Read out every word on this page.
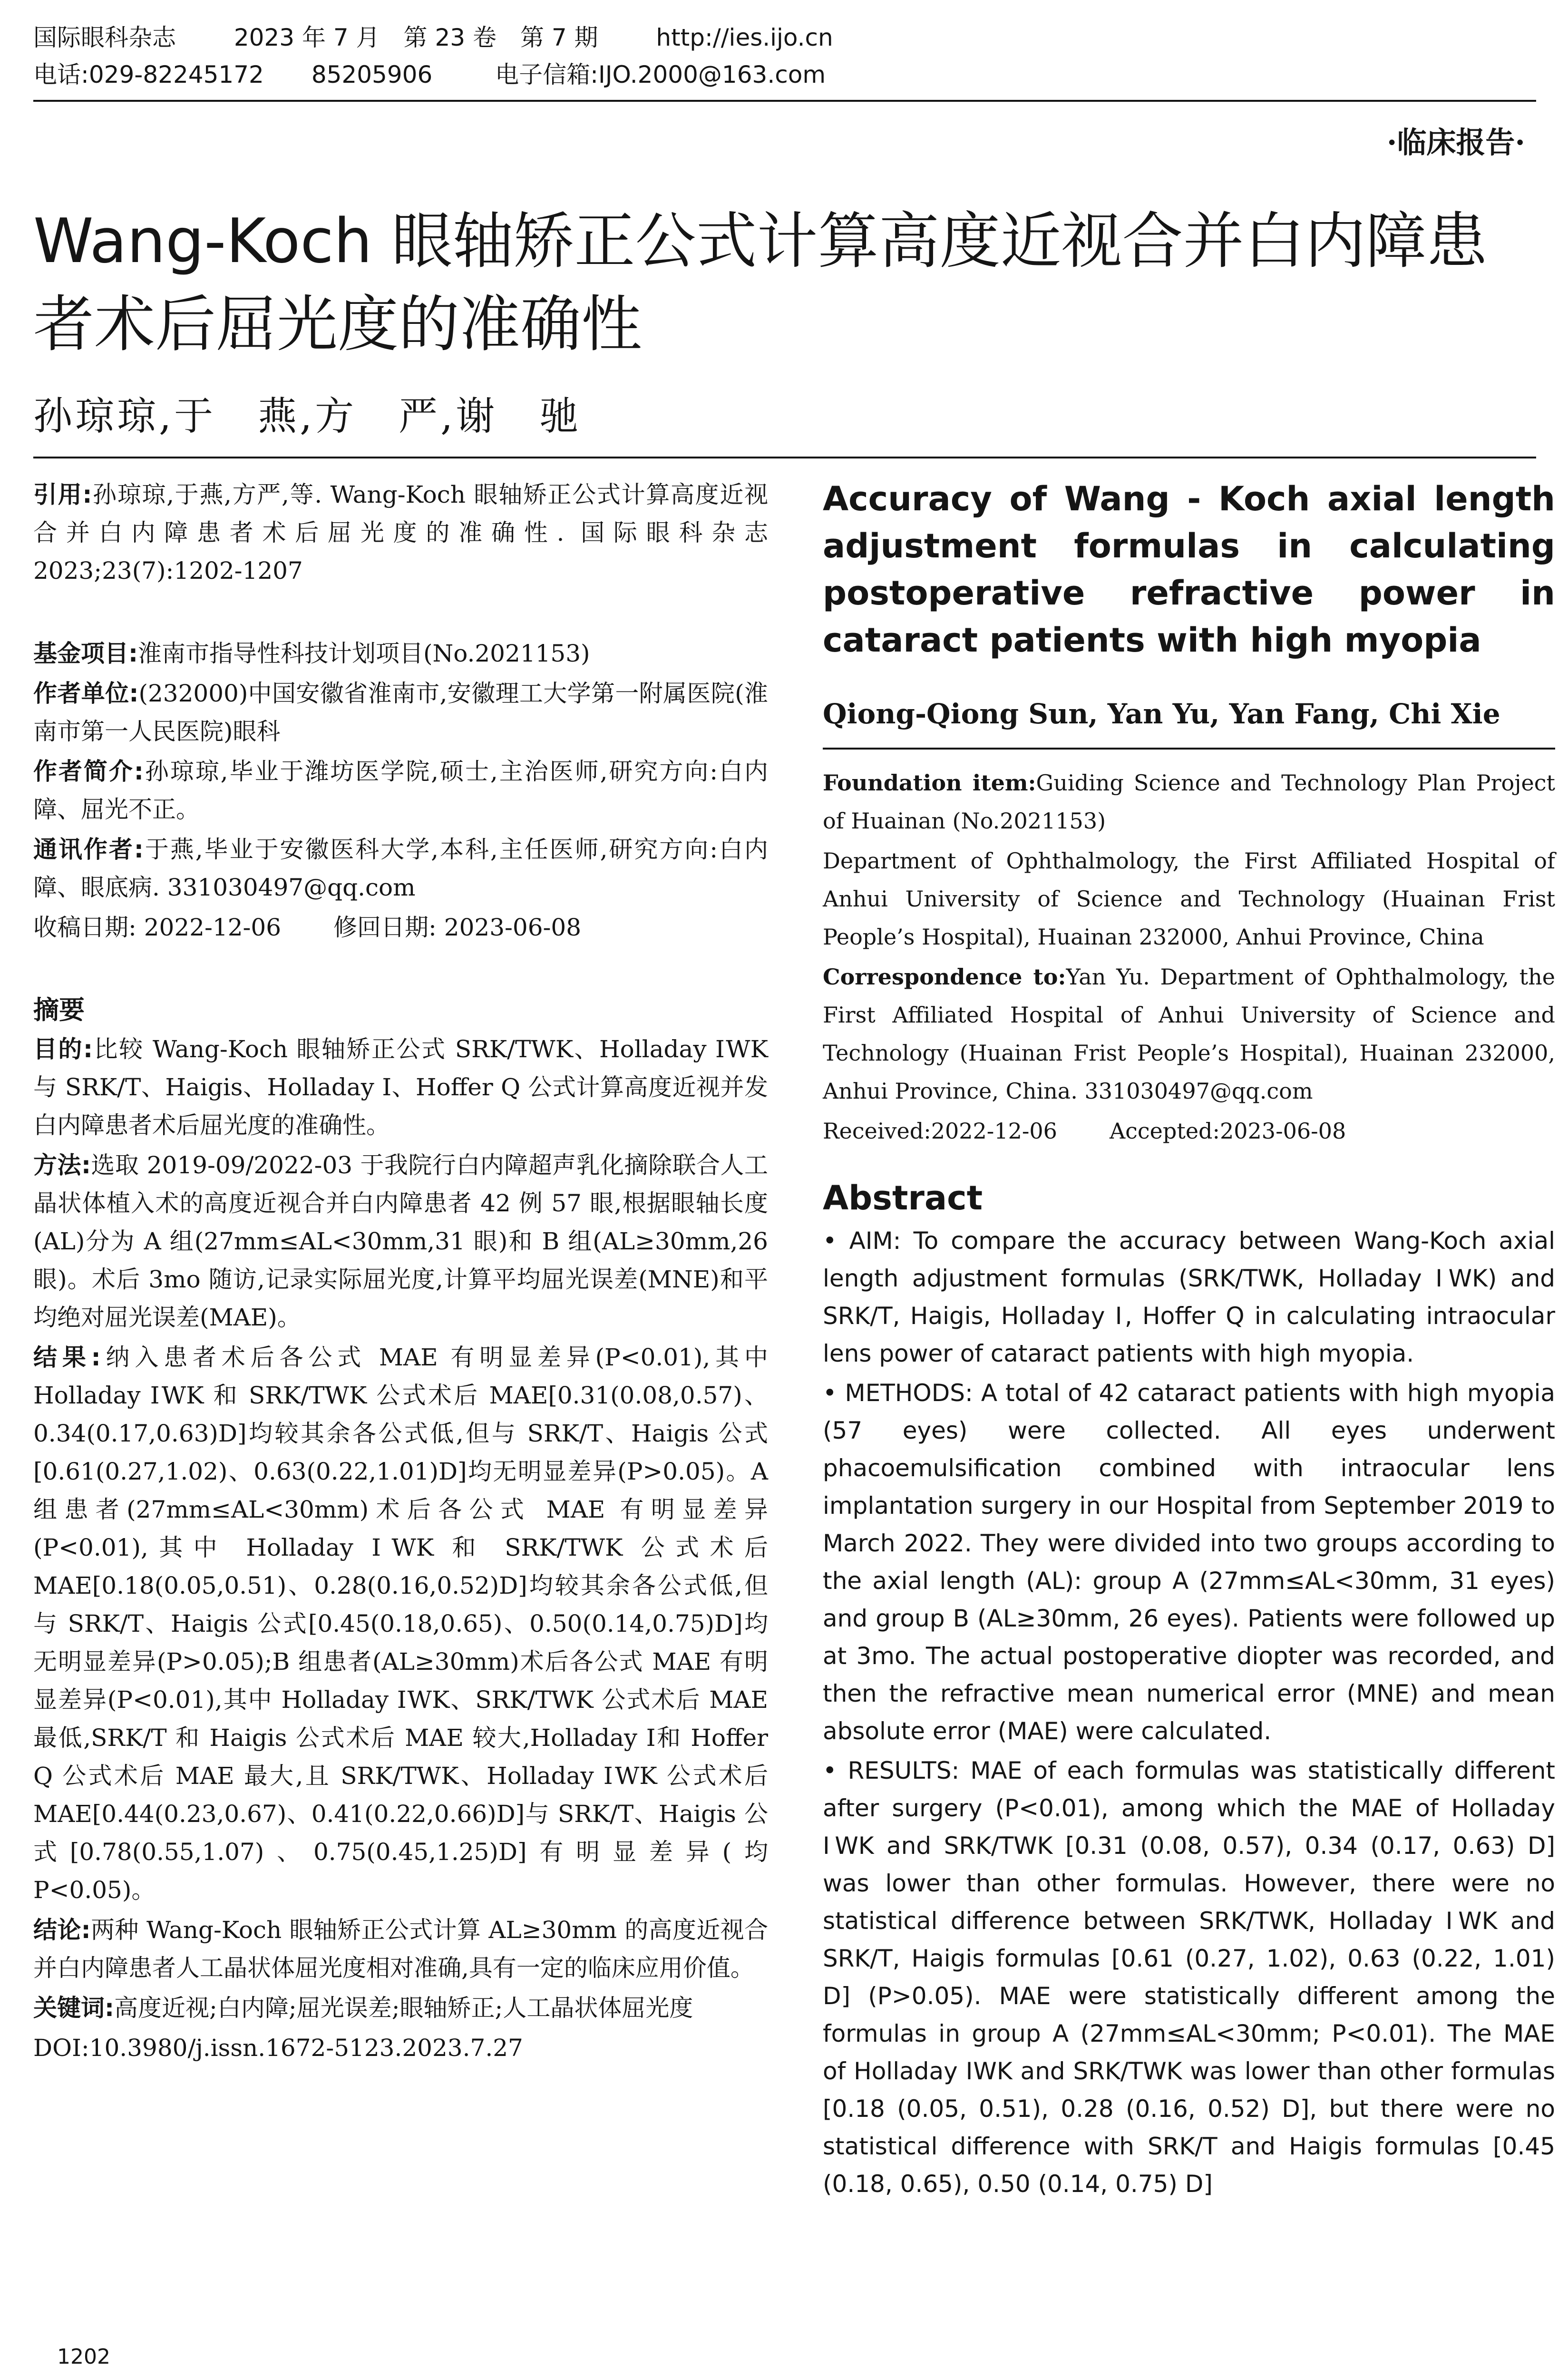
国际眼科杂志 2023 年 7 月　第 23 卷　第 7 期 http://ies.ijo.cn
电话:029-82245172　　85205906	电子信箱:IJO.2000@163.com
·临床报告·
Wang-Koch 眼轴矫正公式计算高度近视合并白内障患者术后屈光度的准确性
孙琼琼,于　燕,方　严,谢　驰

引用:孙琼琼,于燕,方严,等. Wang-Koch 眼轴矫正公式计算高度近视合并白内障患者术后屈光度的准确性. 国际眼科杂志 2023;23(7):1202-1207

基金项目:淮南市指导性科技计划项目(No.2021153)

作者单位:(232000)中国安徽省淮南市,安徽理工大学第一附属医院(淮南市第一人民医院)眼科

作者简介:孙琼琼,毕业于潍坊医学院,硕士,主治医师,研究方向:白内障、屈光不正。

通讯作者:于燕,毕业于安徽医科大学,本科,主任医师,研究方向:白内障、眼底病. 331030497@qq.com

收稿日期: 2022-12-06 修回日期: 2023-06-08

摘要

目的:比较 Wang-Koch 眼轴矫正公式 SRK/TWK、Holladay ⅠWK 与 SRK/T、Haigis、Holladay Ⅰ、Hoffer Q 公式计算高度近视并发白内障患者术后屈光度的准确性。

方法:选取 2019-09/2022-03 于我院行白内障超声乳化摘除联合人工晶状体植入术的高度近视合并白内障患者 42 例 57 眼,根据眼轴长度(AL)分为 A 组(27mm≤AL<30mm,31 眼)和 B 组(AL≥30mm,26 眼)。术后 3mo 随访,记录实际屈光度,计算平均屈光误差(MNE)和平均绝对屈光误差(MAE)。

结果:纳入患者术后各公式 MAE 有明显差异(P<0.01),其中 Holladay ⅠWK 和 SRK/TWK 公式术后 MAE[0.31(0.08,0.57)、0.34(0.17,0.63)D]均较其余各公式低,但与 SRK/T、Haigis 公式[0.61(0.27,1.02)、0.63(0.22,1.01)D]均无明显差异(P>0.05)。A 组患者(27mm≤AL<30mm)术后各公式 MAE 有明显差异(P<0.01),其中 Holladay ⅠWK 和 SRK/TWK 公式术后 MAE[0.18(0.05,0.51)、0.28(0.16,0.52)D]均较其余各公式低,但与 SRK/T、Haigis 公式[0.45(0.18,0.65)、0.50(0.14,0.75)D]均无明显差异(P>0.05);B 组患者(AL≥30mm)术后各公式 MAE 有明显差异(P<0.01),其中 Holladay ⅠWK、SRK/TWK 公式术后 MAE 最低,SRK/T 和 Haigis 公式术后 MAE 较大,Holladay Ⅰ和 Hoffer Q 公式术后 MAE 最大,且 SRK/TWK、Holladay ⅠWK 公式术后 MAE[0.44(0.23,0.67)、0.41(0.22,0.66)D]与 SRK/T、Haigis 公式[0.78(0.55,1.07)、0.75(0.45,1.25)D]有明显差异(均 P<0.05)。

结论:两种 Wang-Koch 眼轴矫正公式计算 AL≥30mm 的高度近视合并白内障患者人工晶状体屈光度相对准确,具有一定的临床应用价值。

关键词:高度近视;白内障;屈光误差;眼轴矫正;人工晶状体屈光度

DOI:10.3980/j.issn.1672-5123.2023.7.27

Accuracy of Wang - Koch axial length adjustment formulas in calculating postoperative refractive power in cataract patients with high myopia

Qiong-Qiong Sun, Yan Yu, Yan Fang, Chi Xie

Foundation item:Guiding Science and Technology Plan Project of Huainan (No.2021153)

Department of Ophthalmology, the First Affiliated Hospital of Anhui University of Science and Technology (Huainan Frist People’s Hospital), Huainan 232000, Anhui Province, China

Correspondence to:Yan Yu. Department of Ophthalmology, the First Affiliated Hospital of Anhui University of Science and Technology (Huainan Frist People’s Hospital), Huainan 232000, Anhui Province, China. 331030497@qq.com

Received:2022-12-06 Accepted:2023-06-08

Abstract

• AIM: To compare the accuracy between Wang-Koch axial length adjustment formulas (SRK/TWK, Holladay ⅠWK) and SRK/T, Haigis, Holladay Ⅰ, Hoffer Q in calculating intraocular lens power of cataract patients with high myopia.

• METHODS: A total of 42 cataract patients with high myopia (57 eyes) were collected. All eyes underwent phacoemulsification combined with intraocular lens implantation surgery in our Hospital from September 2019 to March 2022. They were divided into two groups according to the axial length (AL): group A (27mm≤AL<30mm, 31 eyes) and group B (AL≥30mm, 26 eyes). Patients were followed up at 3mo. The actual postoperative diopter was recorded, and then the refractive mean numerical error (MNE) and mean absolute error (MAE) were calculated.

• RESULTS: MAE of each formulas was statistically different after surgery (P<0.01), among which the MAE of Holladay ⅠWK and SRK/TWK [0.31 (0.08, 0.57), 0.34 (0.17, 0.63) D] was lower than other formulas. However, there were no statistical difference between SRK/TWK, Holladay ⅠWK and SRK/T, Haigis formulas [0.61 (0.27, 1.02), 0.63 (0.22, 1.01) D] (P>0.05). MAE were statistically different among the formulas in group A (27mm≤AL<30mm; P<0.01). The MAE of Holladay ⅠWK and SRK/TWK was lower than other formulas [0.18 (0.05, 0.51), 0.28 (0.16, 0.52) D], but there were no statistical difference with SRK/T and Haigis formulas [0.45 (0.18, 0.65), 0.50 (0.14, 0.75) D]

1202
